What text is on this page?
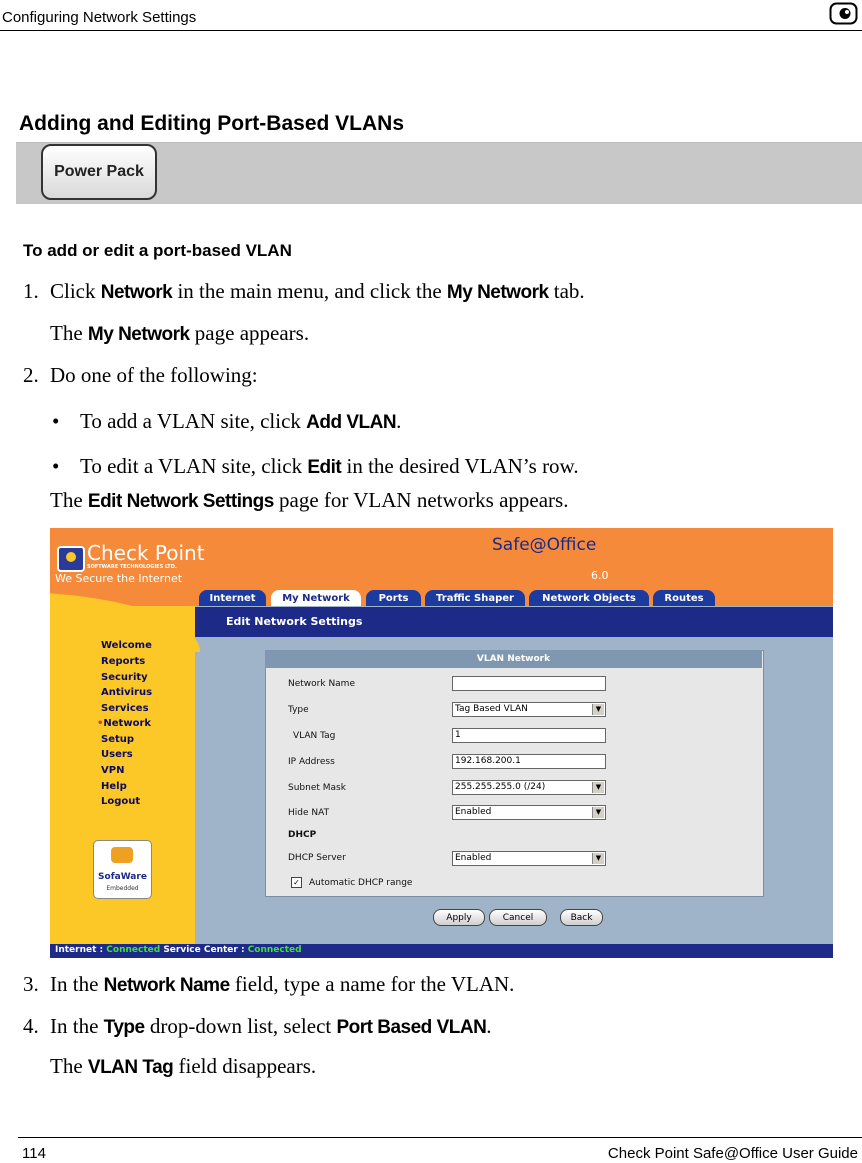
Configuring Network Settings
Adding and Editing Port-Based VLANs
Power Pack
To add or edit a port-based VLAN
1. Click Network in the main menu, and click the My Network tab.
The My Network page appears.
2. Do one of the following:
• To add a VLAN site, click Add VLAN.
• To edit a VLAN site, click Edit in the desired VLAN’s row.
The Edit Network Settings page for VLAN networks appears.
Check Point
SOFTWARE TECHNOLOGIES LTD.
We Secure the Internet
Safe@Office
6.0
Internet	My Network	Ports	Traffic Shaper	Network Objects	Routes
Edit Network Settings
Welcome
Reports
Security
Antivirus
Services
•Network
Setup
Users
VPN
Help
Logout
SofaWare
Embedded
VLAN Network
Network Name
Type	Tag Based VLAN	▼
VLAN Tag	1
IP Address	192.168.200.1
Subnet Mask	255.255.255.0 (/24)	▼
Hide NAT	Enabled	▼
DHCP
DHCP Server	Enabled	▼
✓ Automatic DHCP range
Apply	Cancel	Back
Internet : Connected Service Center : Connected
3. In the Network Name field, type a name for the VLAN.
4. In the Type drop-down list, select Port Based VLAN.
The VLAN Tag field disappears.
114	Check Point Safe@Office User Guide
